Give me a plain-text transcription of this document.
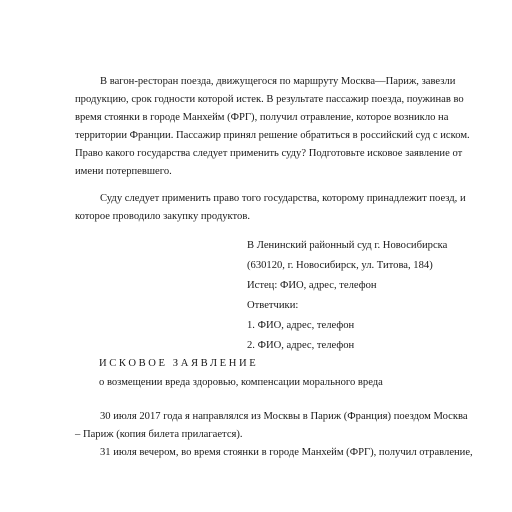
В вагон-ресторан поезда, движущегося по маршруту Москва—Париж, завезли
продукцию, срок годности которой истек. В результате пассажир поезда, поужинав во
время стоянки в городе Манхейм (ФРГ), получил отравление, которое возникло на
территории Франции. Пассажир принял решение обратиться в российский суд с иском.
Право какого государства следует применить суду? Подготовьте исковое заявление от
имени потерпевшего.
Суду следует применить право того государства, которому принадлежит поезд, и
которое проводило закупку продуктов.
В Ленинский районный суд г. Новосибирска
(630120, г. Новосибирск, ул. Титова, 184)
Истец: ФИО, адрес, телефон
Ответчики:
1. ФИО, адрес, телефон
2. ФИО, адрес, телефон
ИСКОВОЕ ЗАЯВЛЕНИЕ
о возмещении вреда здоровью, компенсации морального вреда
30 июля 2017 года я направлялся из Москвы в Париж (Франция) поездом Москва
– Париж (копия билета прилагается).
31 июля вечером, во время стоянки в городе Манхейм (ФРГ), получил отравление,
